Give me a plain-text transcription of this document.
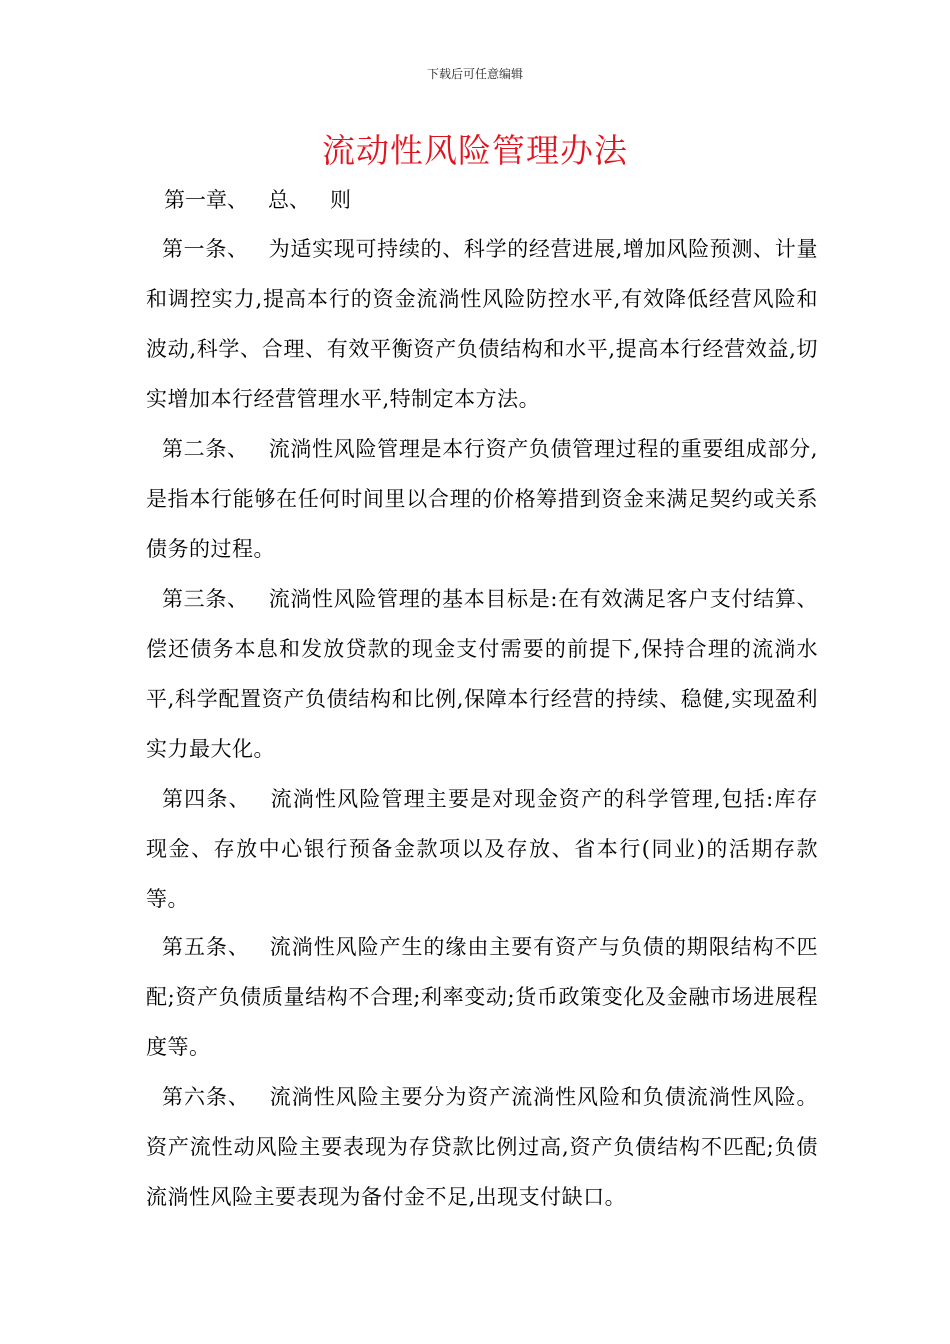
下载后可任意编辑
流动性风险管理办法
第一章、   总、   则

第一条、 为适实现可持续的、科学的经营进展,增加风险预测、计量和调控实力,提高本行的资金流淌性风险防控水平,有效降低经营风险和波动,科学、合理、有效平衡资产负债结构和水平,提高本行经营效益,切实增加本行经营管理水平,特制定本方法。

第二条、 流淌性风险管理是本行资产负债管理过程的重要组成部分,是指本行能够在任何时间里以合理的价格筹措到资金来满足契约或关系债务的过程。

第三条、 流淌性风险管理的基本目标是:在有效满足客户支付结算、偿还债务本息和发放贷款的现金支付需要的前提下,保持合理的流淌水平,科学配置资产负债结构和比例,保障本行经营的持续、稳健,实现盈利实力最大化。

第四条、 流淌性风险管理主要是对现金资产的科学管理,包括:库存现金、存放中心银行预备金款项以及存放、省本行(同业)的活期存款等。

第五条、 流淌性风险产生的缘由主要有资产与负债的期限结构不匹配;资产负债质量结构不合理;利率变动;货币政策变化及金融市场进展程度等。

第六条、 流淌性风险主要分为资产流淌性风险和负债流淌性风险。资产流性动风险主要表现为存贷款比例过高,资产负债结构不匹配;负债流淌性风险主要表现为备付金不足,出现支付缺口。
